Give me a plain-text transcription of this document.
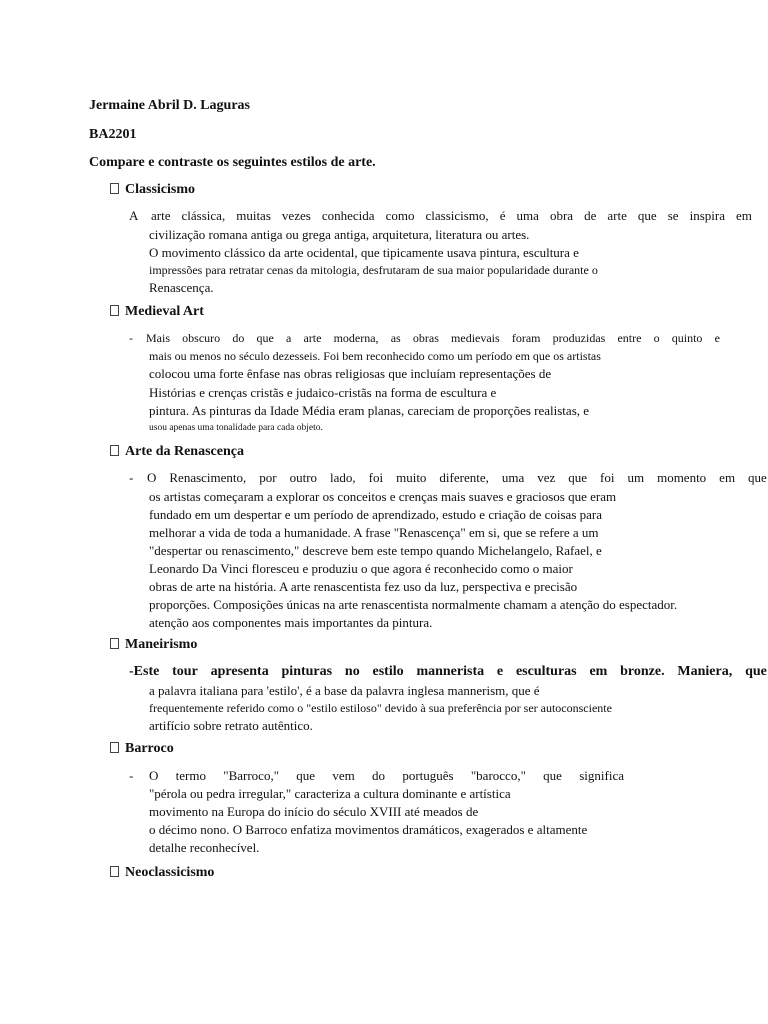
Jermaine Abril D. Laguras
BA2201
Compare e contraste os seguintes estilos de arte.
Classicismo
A arte clássica, muitas vezes conhecida como classicismo, é uma obra de arte que se inspira em
civilização romana antiga ou grega antiga, arquitetura, literatura ou artes.
O movimento clássico da arte ocidental, que tipicamente usava pintura, escultura e
impressões para retratar cenas da mitologia, desfrutaram de sua maior popularidade durante o
Renascença.
Medieval Art
- Mais obscuro do que a arte moderna, as obras medievais foram produzidas entre o quinto e
mais ou menos no século dezesseis. Foi bem reconhecido como um período em que os artistas
colocou uma forte ênfase nas obras religiosas que incluíam representações de
Histórias e crenças cristãs e judaico-cristãs na forma de escultura e
pintura. As pinturas da Idade Média eram planas, careciam de proporções realistas, e
usou apenas uma tonalidade para cada objeto.
Arte da Renascença
- O Renascimento, por outro lado, foi muito diferente, uma vez que foi um momento em que
os artistas começaram a explorar os conceitos e crenças mais suaves e graciosos que eram
fundado em um despertar e um período de aprendizado, estudo e criação de coisas para
melhorar a vida de toda a humanidade. A frase "Renascença" em si, que se refere a um
"despertar ou renascimento," descreve bem este tempo quando Michelangelo, Rafael, e
Leonardo Da Vinci floresceu e produziu o que agora é reconhecido como o maior
obras de arte na história. A arte renascentista fez uso da luz, perspectiva e precisão
proporções. Composições únicas na arte renascentista normalmente chamam a atenção do espectador.
atenção aos componentes mais importantes da pintura.
Maneirismo
-Este tour apresenta pinturas no estilo mannerista e esculturas em bronze. Maniera, que
a palavra italiana para 'estilo', é a base da palavra inglesa mannerism, que é
frequentemente referido como o "estilo estiloso" devido à sua preferência por ser autoconsciente
artifício sobre retrato autêntico.
Barroco
- O termo "Barroco," que vem do português "barocco," que significa
"pérola ou pedra irregular," caracteriza a cultura dominante e artística
movimento na Europa do início do século XVIII até meados de
o décimo nono. O Barroco enfatiza movimentos dramáticos, exagerados e altamente
detalhe reconhecível.
Neoclassicismo
